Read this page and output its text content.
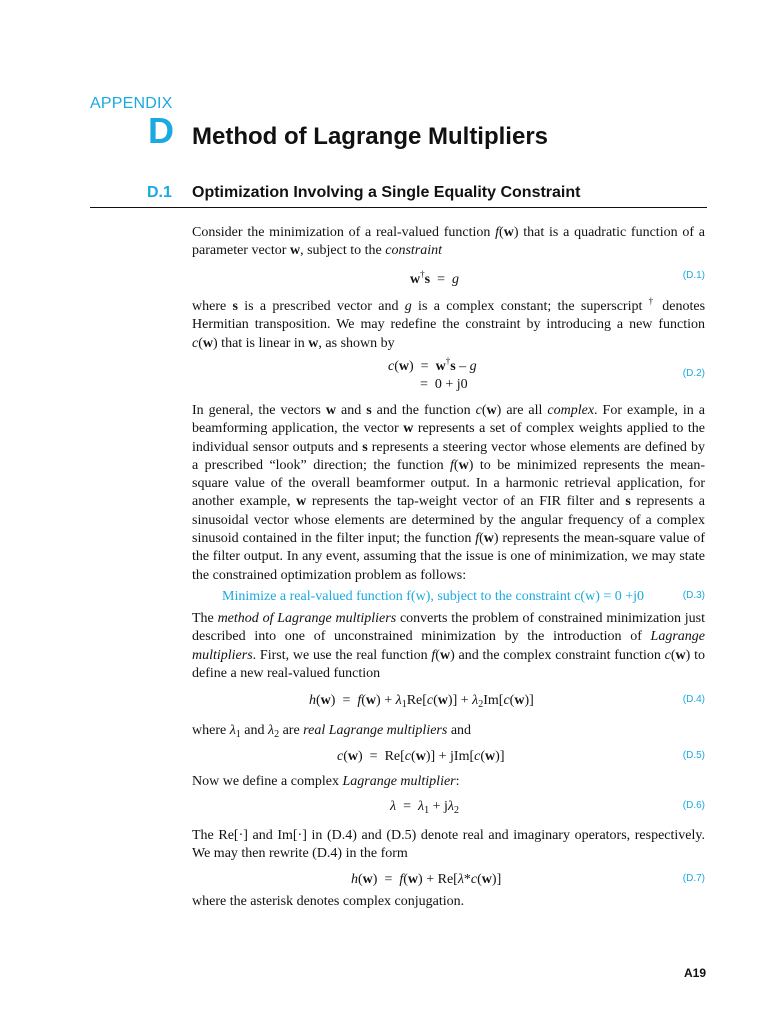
APPENDIX
D Method of Lagrange Multipliers
D.1 Optimization Involving a Single Equality Constraint
Consider the minimization of a real-valued function f(w) that is a quadratic function of a parameter vector w, subject to the constraint
w†s  =  g	(D.1)
where s is a prescribed vector and g is a complex constant; the superscript † denotes Hermitian transposition. We may redefine the constraint by introducing a new function c(w) that is linear in w, as shown by
c(w)  =  w†s – g
=  0 + j0
(D.2)
In general, the vectors w and s and the function c(w) are all complex. For example, in a beamforming application, the vector w represents a set of complex weights applied to the individual sensor outputs and s represents a steering vector whose elements are defined by a prescribed “look” direction; the function f(w) to be minimized represents the mean-square value of the overall beamformer output. In a harmonic retrieval application, for another example, w represents the tap-weight vector of an FIR filter and s represents a sinusoidal vector whose elements are determined by the angular frequency of a complex sinusoid contained in the filter input; the function f(w) represents the mean-square value of the filter output. In any event, assuming that the issue is one of minimization, we may state the constrained optimization problem as follows:
Minimize a real-valued function f(w), subject to the constraint c(w) = 0 +j0	(D.3)
The method of Lagrange multipliers converts the problem of constrained minimization just described into one of unconstrained minimization by the introduction of Lagrange multipliers. First, we use the real function f(w) and the complex constraint function c(w) to define a new real-valued function
$h(w) = f(w) + \lambda_1Re[c(w)] + \lambda_2Im[c(w)]$	(D.4)
where $\lambda_1$ and $\lambda_2$ are real Lagrange multipliers and
c(w)  =  Re[c(w)] + jIm[c(w)]	(D.5)
Now we define a complex Lagrange multiplier:
$\lambda = \lambda_1 + j\lambda_2$	(D.6)
The Re[·] and Im[·] in (D.4) and (D.5) denote real and imaginary operators, respectively. We may then rewrite (D.4) in the form
h(w)  =  f(w) + Re[λ*c(w)]	(D.7)
where the asterisk denotes complex conjugation.
A19
